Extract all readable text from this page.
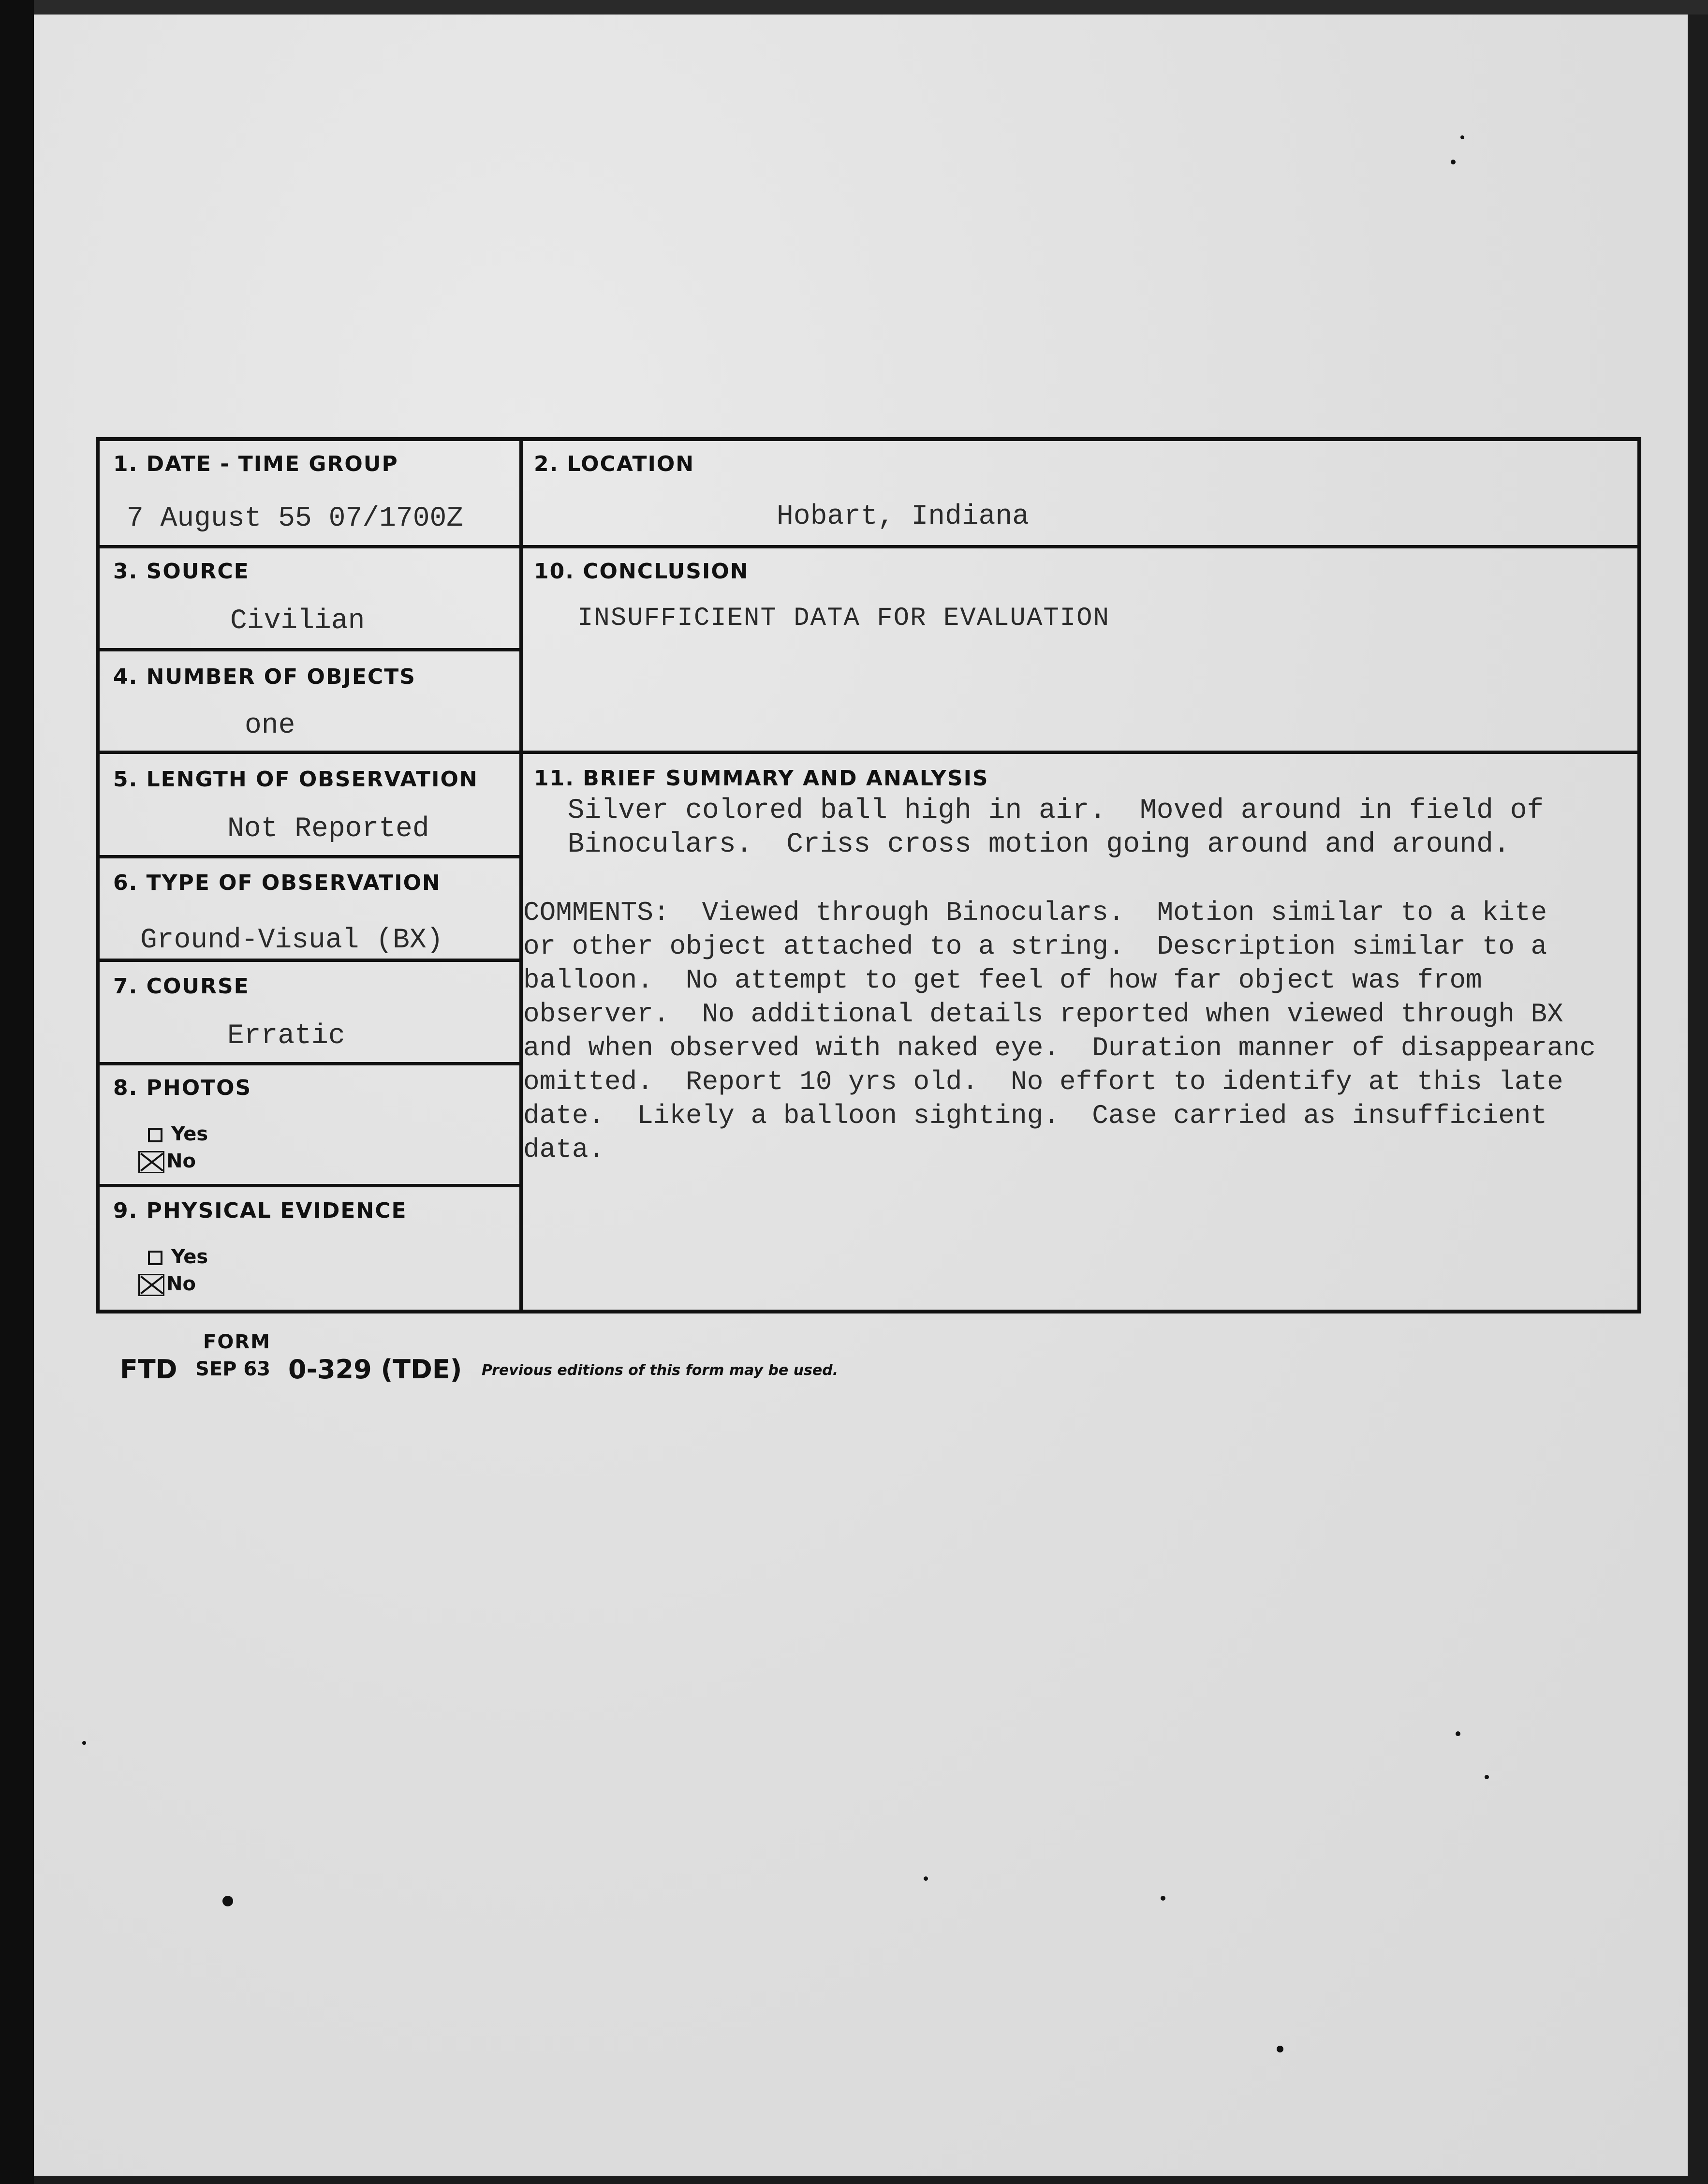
1. DATE - TIME GROUP
7 August 55 07/1700Z
2. LOCATION
Hobart, Indiana
3. SOURCE
Civilian
4. NUMBER OF OBJECTS
one
5. LENGTH OF OBSERVATION
Not Reported
6. TYPE OF OBSERVATION
Ground-Visual (BX)
7. COURSE
Erratic
8. PHOTOS
Yes
No
9. PHYSICAL EVIDENCE
Yes
No
10. CONCLUSION
INSUFFICIENT DATA FOR EVALUATION
11. BRIEF SUMMARY AND ANALYSIS
Silver colored ball high in air.  Moved around in field of
Binoculars.  Criss cross motion going around and around.
COMMENTS:  Viewed through Binoculars.  Motion similar to a kite
or other object attached to a string.  Description similar to a
balloon.  No attempt to get feel of how far object was from
observer.  No additional details reported when viewed through BX
and when observed with naked eye.  Duration manner of disappearanc
omitted.  Report 10 yrs old.  No effort to identify at this late
date.  Likely a balloon sighting.  Case carried as insufficient
data.
FORM
FTD SEP 63 0-329 (TDE) Previous editions of this form may be used.
